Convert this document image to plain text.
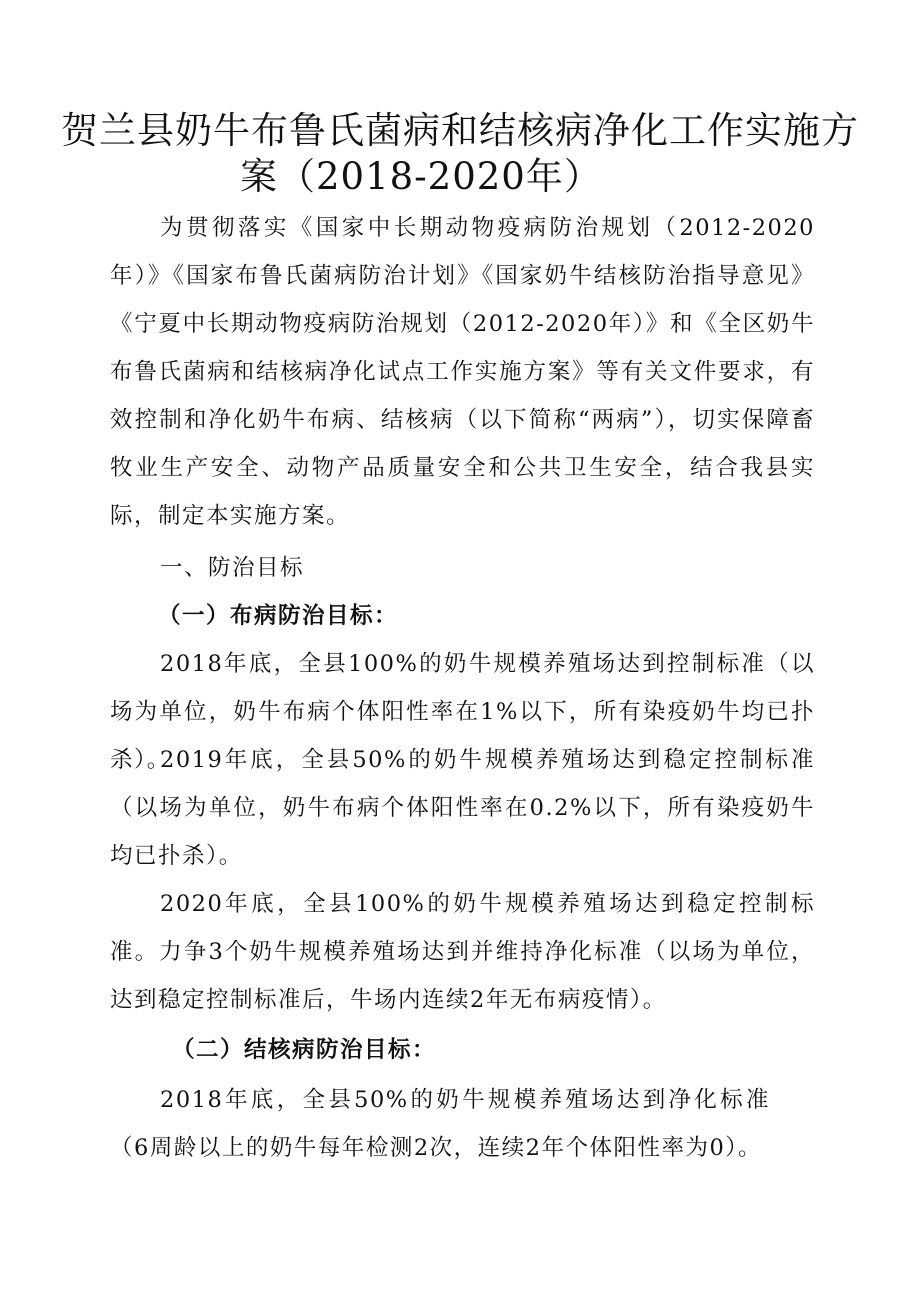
贺兰县奶牛布鲁氏菌病和结核病净化工作实施方
案（2018-2020年）

为贯彻落实《国家中长期动物疫病防治规划（2012-2020年）》《国家布鲁氏菌病防治计划》《国家奶牛结核防治指导意见》《宁夏中长期动物疫病防治规划（2012-2020年）》和《全区奶牛布鲁氏菌病和结核病净化试点工作实施方案》等有关文件要求，有效控制和净化奶牛布病、结核病（以下简称“两病”），切实保障畜牧业生产安全、动物产品质量安全和公共卫生安全，结合我县实际，制定本实施方案。

一、防治目标

（一）布病防治目标：

2018年底，全县100%的奶牛规模养殖场达到控制标准（以场为单位，奶牛布病个体阳性率在1%以下，所有染疫奶牛均已扑杀）。

2019年底，全县50%的奶牛规模养殖场达到稳定控制标准（以场为单位，奶牛布病个体阳性率在0.2%以下，所有染疫奶牛均已扑杀）。

2020年底，全县100%的奶牛规模养殖场达到稳定控制标准。力争3个奶牛规模养殖场达到并维持净化标准（以场为单位，达到稳定控制标准后，牛场内连续2年无布病疫情）。

（二）结核病防治目标：

2018年底，全县50%的奶牛规模养殖场达到净化标准（6周龄以上的奶牛每年检测2次，连续2年个体阳性率为0）。
